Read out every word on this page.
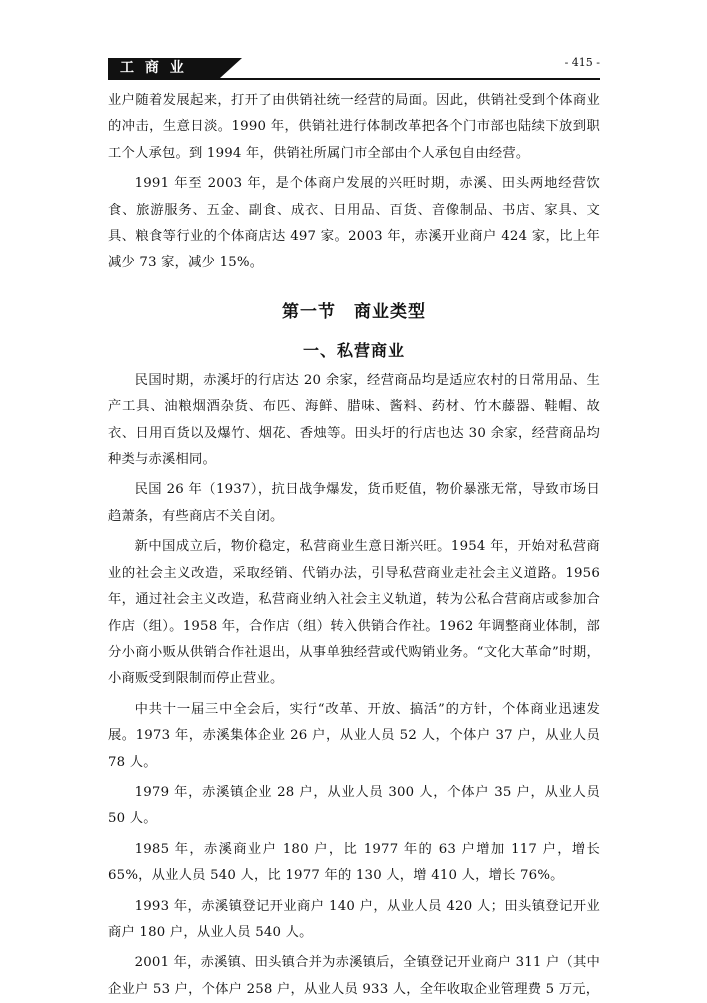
工 商 业	- 415 -

业户随着发展起来，打开了由供销社统一经营的局面。因此，供销社受到个体商业的冲击，生意日淡。1990 年，供销社进行体制改革把各个门市部也陆续下放到职工个人承包。到 1994 年，供销社所属门市全部由个人承包自由经营。

1991 年至 2003 年，是个体商户发展的兴旺时期，赤溪、田头两地经营饮食、旅游服务、五金、副食、成衣、日用品、百货、音像制品、书店、家具、文具、粮食等行业的个体商店达 497 家。2003 年，赤溪开业商户 424 家，比上年减少 73 家，减少 15%。

第一节　商业类型
一、私营商业

民国时期，赤溪圩的行店达 20 余家，经营商品均是适应农村的日常用品、生产工具、油粮烟酒杂货、布匹、海鲜、腊味、酱料、药材、竹木藤器、鞋帽、故衣、日用百货以及爆竹、烟花、香烛等。田头圩的行店也达 30 余家，经营商品均种类与赤溪相同。

民国 26 年（1937），抗日战争爆发，货币贬值，物价暴涨无常，导致市场日趋萧条，有些商店不关自闭。

新中国成立后，物价稳定，私营商业生意日渐兴旺。1954 年，开始对私营商业的社会主义改造，采取经销、代销办法，引导私营商业走社会主义道路。1956 年，通过社会主义改造，私营商业纳入社会主义轨道，转为公私合营商店或参加合作店（组）。1958 年，合作店（组）转入供销合作社。1962 年调整商业体制，部分小商小贩从供销合作社退出，从事单独经营或代购销业务。“文化大革命”时期，小商贩受到限制而停止营业。

中共十一届三中全会后，实行“改革、开放、搞活”的方针，个体商业迅速发展。1973 年，赤溪集体企业 26 户，从业人员 52 人，个体户 37 户，从业人员 78 人。

1979 年，赤溪镇企业 28 户，从业人员 300 人，个体户 35 户，从业人员 50 人。

1985 年，赤溪商业户 180 户，比 1977 年的 63 户增加 117 户，增长 65%，从业人员 540 人，比 1977 年的 130 人，增 410 人，增长 76%。

1993 年，赤溪镇登记开业商户 140 户，从业人员 420 人；田头镇登记开业商户 180 户，从业人员 540 人。

2001 年，赤溪镇、田头镇合并为赤溪镇后，全镇登记开业商户 311 户（其中企业户 53 户，个体户 258 户，从业人员 933 人，全年收取企业管理费 5 万元，
